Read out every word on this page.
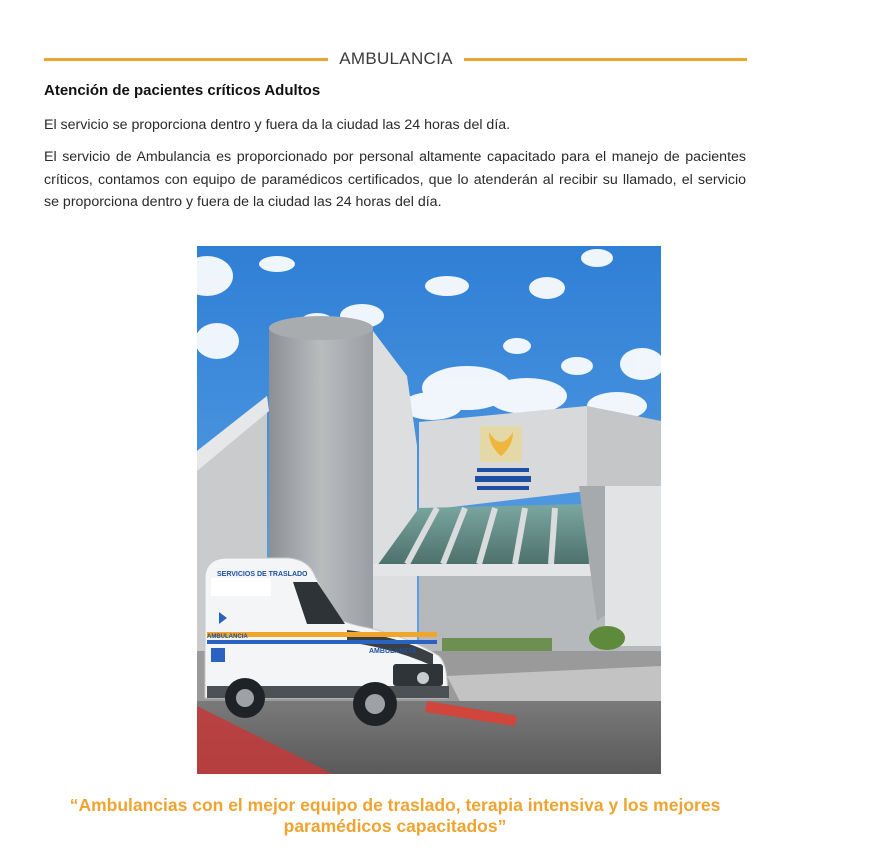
AMBULANCIA
Atención de pacientes críticos Adultos

El servicio se proporciona dentro y fuera da la ciudad las 24 horas del día.

El servicio de Ambulancia es proporcionado por personal altamente capacitado para el manejo de pacientes críticos, contamos con equipo de paramédicos certificados, que lo atenderán al recibir su llamado, el servicio se proporciona dentro y fuera de la ciudad las 24 horas del día.

SERVICIOS DE TRASLADO
AMBULANCIA
AMBULANCIA

“Ambulancias con el mejor equipo de traslado, terapia intensiva y los mejores paramédicos capacitados”
